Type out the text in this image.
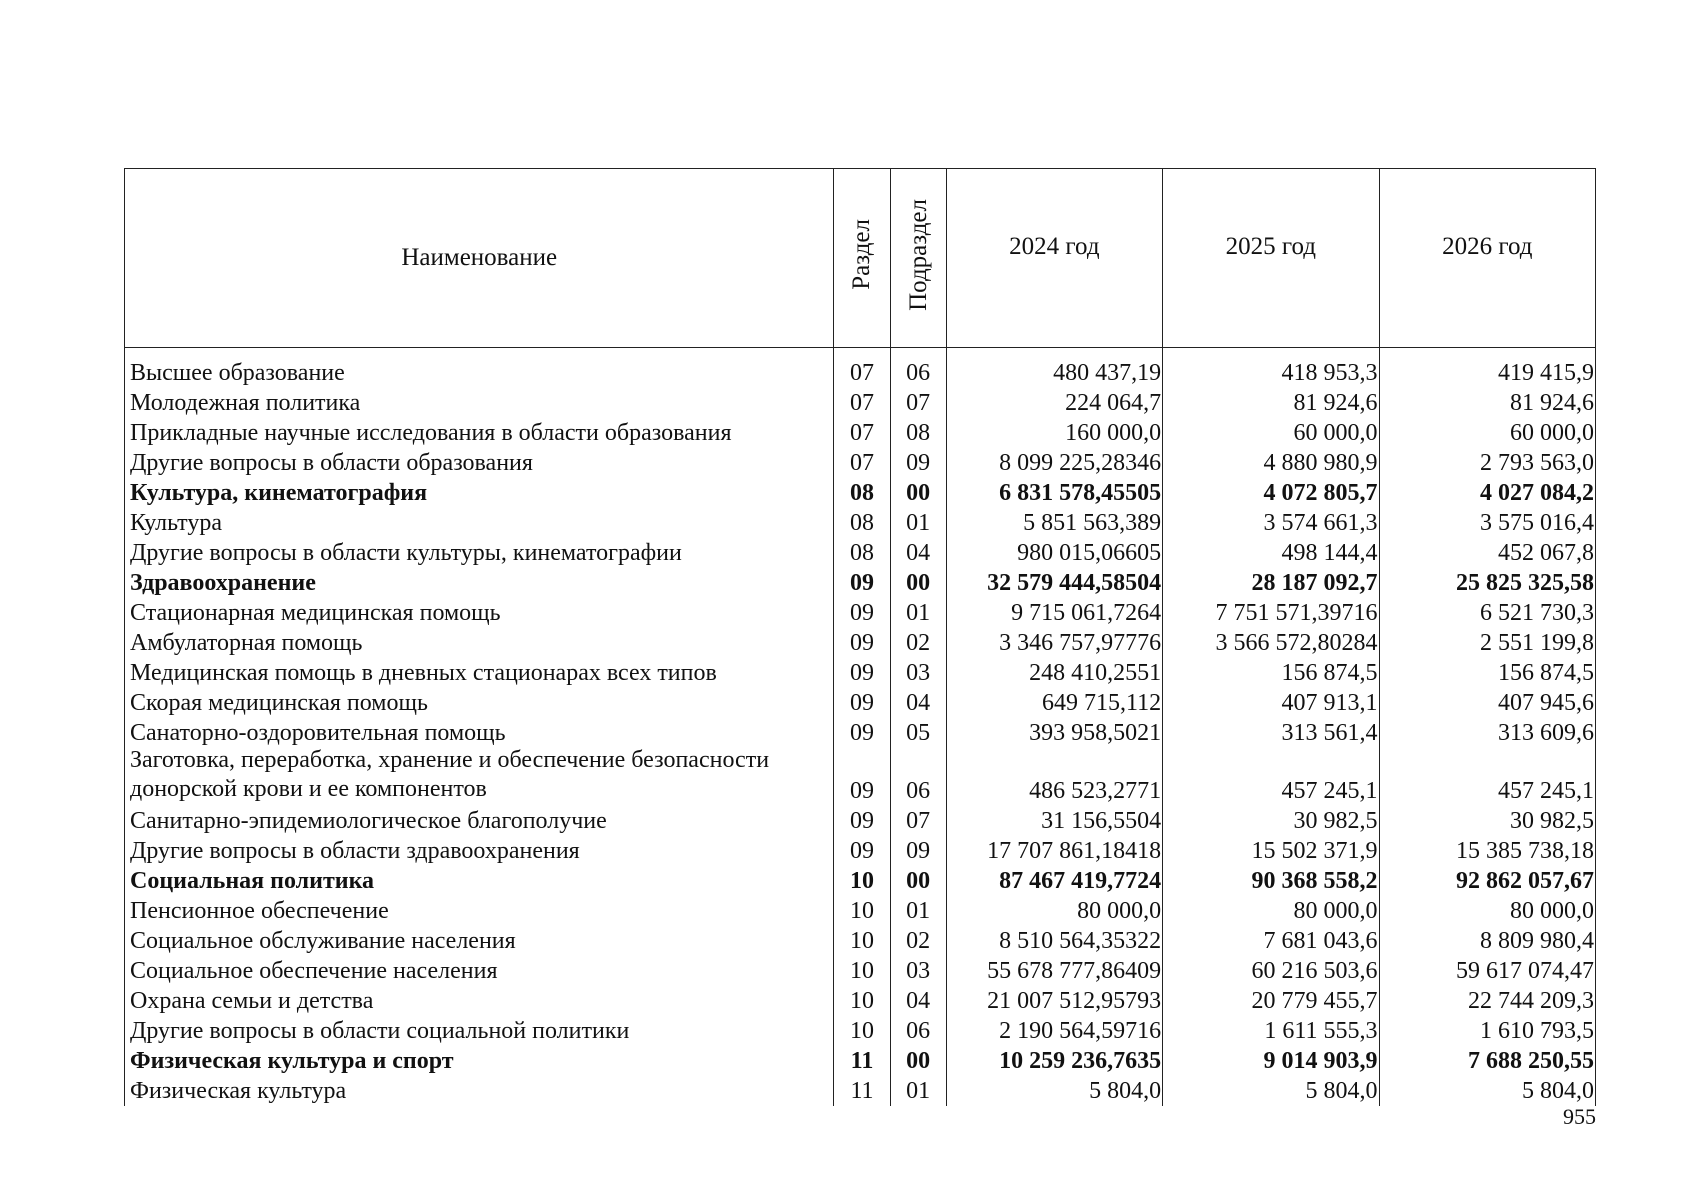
Наименование	Раздел	Подраздел	2024 год	2025 год	2026 год
Высшее образование	07	06	480 437,19	418 953,3	419 415,9
Молодежная политика	07	07	224 064,7	81 924,6	81 924,6
Прикладные научные исследования в области образования	07	08	160 000,0	60 000,0	60 000,0
Другие вопросы в области образования	07	09	8 099 225,28346	4 880 980,9	2 793 563,0
Культура, кинематография	08	00	6 831 578,45505	4 072 805,7	4 027 084,2
Культура	08	01	5 851 563,389	3 574 661,3	3 575 016,4
Другие вопросы в области культуры, кинематографии	08	04	980 015,06605	498 144,4	452 067,8
Здравоохранение	09	00	32 579 444,58504	28 187 092,7	25 825 325,58
Стационарная медицинская помощь	09	01	9 715 061,7264	7 751 571,39716	6 521 730,3
Амбулаторная помощь	09	02	3 346 757,97776	3 566 572,80284	2 551 199,8
Медицинская помощь в дневных стационарах всех типов	09	03	248 410,2551	156 874,5	156 874,5
Скорая медицинская помощь	09	04	649 715,112	407 913,1	407 945,6
Санаторно-оздоровительная помощь	09	05	393 958,5021	313 561,4	313 609,6
Заготовка, переработка, хранение и обеспечение безопасности донорской крови и ее компонентов	09	06	486 523,2771	457 245,1	457 245,1
Санитарно-эпидемиологическое благополучие	09	07	31 156,5504	30 982,5	30 982,5
Другие вопросы в области здравоохранения	09	09	17 707 861,18418	15 502 371,9	15 385 738,18
Социальная политика	10	00	87 467 419,7724	90 368 558,2	92 862 057,67
Пенсионное обеспечение	10	01	80 000,0	80 000,0	80 000,0
Социальное обслуживание населения	10	02	8 510 564,35322	7 681 043,6	8 809 980,4
Социальное обеспечение населения	10	03	55 678 777,86409	60 216 503,6	59 617 074,47
Охрана семьи и детства	10	04	21 007 512,95793	20 779 455,7	22 744 209,3
Другие вопросы в области социальной политики	10	06	2 190 564,59716	1 611 555,3	1 610 793,5
Физическая культура и спорт	11	00	10 259 236,7635	9 014 903,9	7 688 250,55
Физическая культура	11	01	5 804,0	5 804,0	5 804,0
955
